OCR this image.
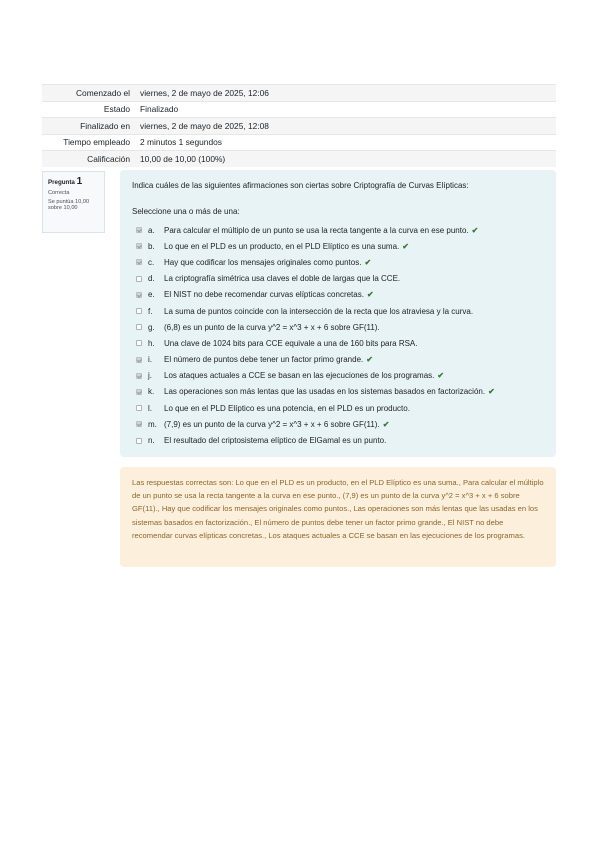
Comenzado el	viernes, 2 de mayo de 2025, 12:06
Estado	Finalizado
Finalizado en	viernes, 2 de mayo de 2025, 12:08
Tiempo empleado	2 minutos 1 segundos
Calificación	10,00 de 10,00 (100%)
Pregunta 1
Correcta
Se puntúa 10,00 sobre 10,00
Indica cuáles de las siguientes afirmaciones son ciertas sobre Criptografía de Curvas Elípticas:
Seleccione una o más de una:
a.	Para calcular el múltiplo de un punto se usa la recta tangente a la curva en ese punto. ✔
b.	Lo que en el PLD es un producto, en el PLD Elíptico es una suma. ✔
c.	Hay que codificar los mensajes originales como puntos. ✔
d.	La criptografía simétrica usa claves el doble de largas que la CCE.
e.	El NIST no debe recomendar curvas elípticas concretas. ✔
f.	La suma de puntos coincide con la intersección de la recta que los atraviesa y la curva.
g.	(6,8) es un punto de la curva y^2 = x^3 + x + 6 sobre GF(11).
h.	Una clave de 1024 bits para CCE equivale a una de 160 bits para RSA.
i.	El número de puntos debe tener un factor primo grande. ✔
j.	Los ataques actuales a CCE se basan en las ejecuciones de los programas. ✔
k.	Las operaciones son más lentas que las usadas en los sistemas basados en factorización. ✔
l.	Lo que en el PLD Elíptico es una potencia, en el PLD es un producto.
m. (7,9) es un punto de la curva y^2 = x^3 + x + 6 sobre GF(11). ✔
n.	El resultado del criptosistema elíptico de ElGamal es un punto.
Las respuestas correctas son: Lo que en el PLD es un producto, en el PLD Elíptico es una suma., Para calcular el múltiplo de un punto se usa la recta tangente a la curva en ese punto., (7,9) es un punto de la curva y^2 = x^3 + x + 6 sobre GF(11)., Hay que codificar los mensajes originales como puntos., Las operaciones son más lentas que las usadas en los sistemas basados en factorización., El número de puntos debe tener un factor primo grande., El NIST no debe recomendar curvas elípticas concretas., Los ataques actuales a CCE se basan en las ejecuciones de los programas.
